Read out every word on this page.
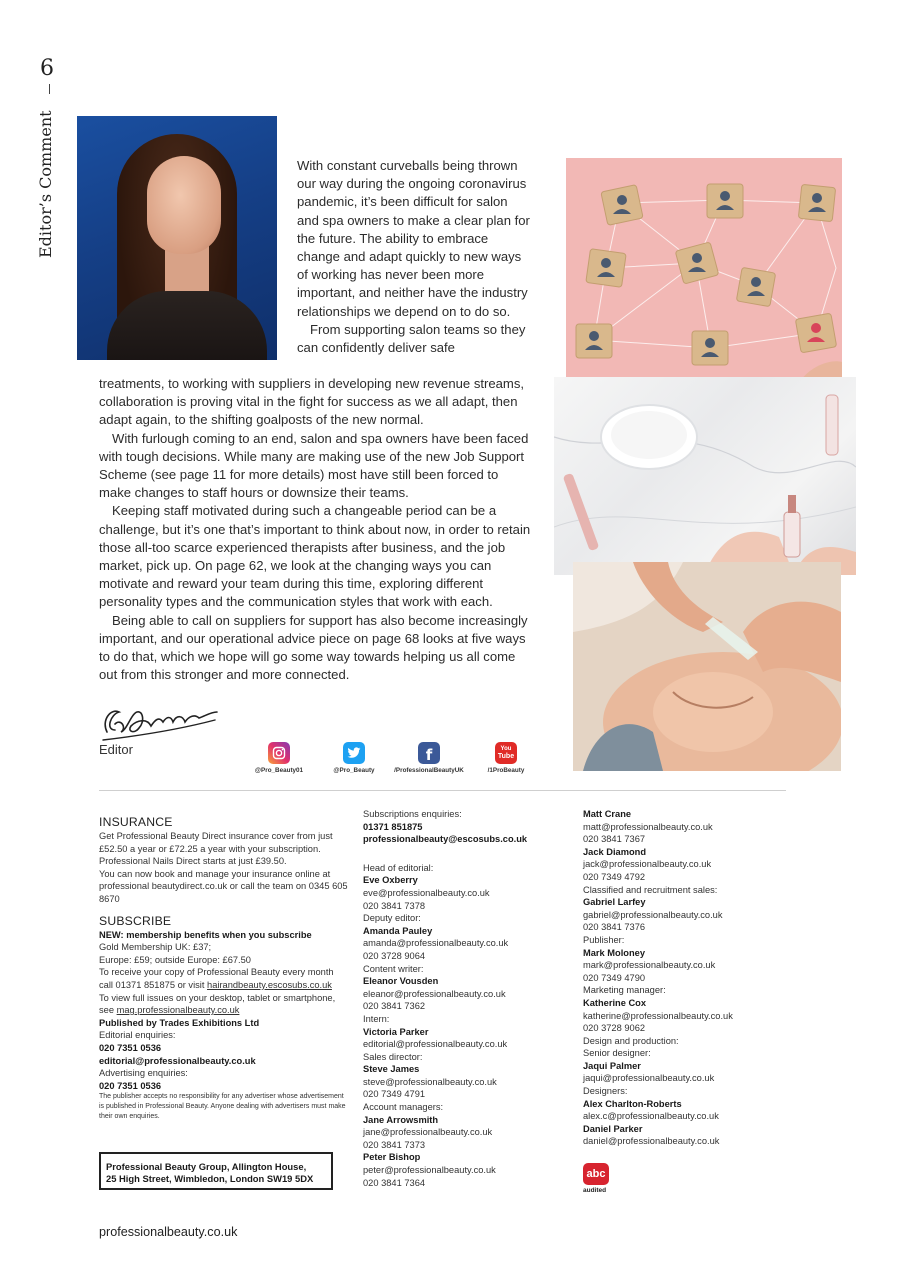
6
Editor’s Comment	With constant curveballs being thrown our way during the ongoing coronavirus pandemic, it’s been difficult for salon and spa owners to make a clear plan for the future. The ability to embrace change and adapt quickly to new ways of working has never been more important, and neither have the industry relationships we depend on to do so.

From supporting salon teams so they can confidently deliver safe

treatments, to working with suppliers in developing new revenue streams, collaboration is proving vital in the fight for success as we all adapt, then adapt again, to the shifting goalposts of the new normal.

With furlough coming to an end, salon and spa owners have been faced with tough decisions. While many are making use of the new Job Support Scheme (see page 11 for more details) most have still been forced to make changes to staff hours or downsize their teams.

Keeping staff motivated during such a changeable period can be a challenge, but it’s one that’s important to think about now, in order to retain those all-too scarce experienced therapists after business, and the job market, pick up. On page 62, we look at the changing ways you can motivate and reward your team during this time, exploring different personality types and the communication styles that work with each.

Being able to call on suppliers for support has also become increasingly important, and our operational advice piece on page 68 looks at five ways to do that, which we hope will go some way towards helping us all come out from this stronger and more connected.

Editor
@Pro_Beauty01	@Pro_Beauty
f
/ProfessionalBeautyUK
You
Tube
/1ProBeauty
INSURANCE
Get Professional Beauty Direct insurance cover from just £52.50 a year or £72.25 a year with your subscription. Professional Nails Direct starts at just £39.50.
You can now book and manage your insurance online at professional beautydirect.co.uk or call the team on 0345 605 8670
SUBSCRIBE
NEW: membership benefits when you subscribe
Gold Membership UK: £37;
Europe: £59; outside Europe: £67.50
To receive your copy of Professional Beauty every month call 01371 851875 or visit hairandbeauty.escosubs.co.uk
To view full issues on your desktop, tablet or smartphone, see mag.professionalbeauty.co.uk
Published by Trades Exhibitions Ltd
Editorial enquiries:
020 7351 0536
editorial@professionalbeauty.co.uk
Advertising enquiries:
020 7351 0536
The publisher accepts no responsibility for any advertiser whose advertisement is published in Professional Beauty. Anyone dealing with advertisers must make their own enquiries.
Professional Beauty Group, Allington House,
25 High Street, Wimbledon, London SW19 5DX
Subscriptions enquiries:
01371 851875
professionalbeauty@escosubs.co.uk
Head of editorial:
Eve Oxberry
eve@professionalbeauty.co.uk
020 3841 7378
Deputy editor:
Amanda Pauley
amanda@professionalbeauty.co.uk
020 3728 9064
Content writer:
Eleanor Vousden
eleanor@professionalbeauty.co.uk
020 3841 7362
Intern:
Victoria Parker
editorial@professionalbeauty.co.uk
Sales director:
Steve James
steve@professionalbeauty.co.uk
020 7349 4791
Account managers:
Jane Arrowsmith
jane@professionalbeauty.co.uk
020 3841 7373
Peter Bishop
peter@professionalbeauty.co.uk
020 3841 7364
Matt Crane
matt@professionalbeauty.co.uk
020 3841 7367
Jack Diamond
jack@professionalbeauty.co.uk
020 7349 4792
Classified and recruitment sales:
Gabriel Larfey
gabriel@professionalbeauty.co.uk
020 3841 7376
Publisher:
Mark Moloney
mark@professionalbeauty.co.uk
020 7349 4790
Marketing manager:
Katherine Cox
katherine@professionalbeauty.co.uk
020 3728 9062
Design and production:
Senior designer:
Jaqui Palmer
jaqui@professionalbeauty.co.uk
Designers:
Alex Charlton-Roberts
alex.c@professionalbeauty.co.uk
Daniel Parker
daniel@professionalbeauty.co.uk
abc
audited
professionalbeauty.co.uk
